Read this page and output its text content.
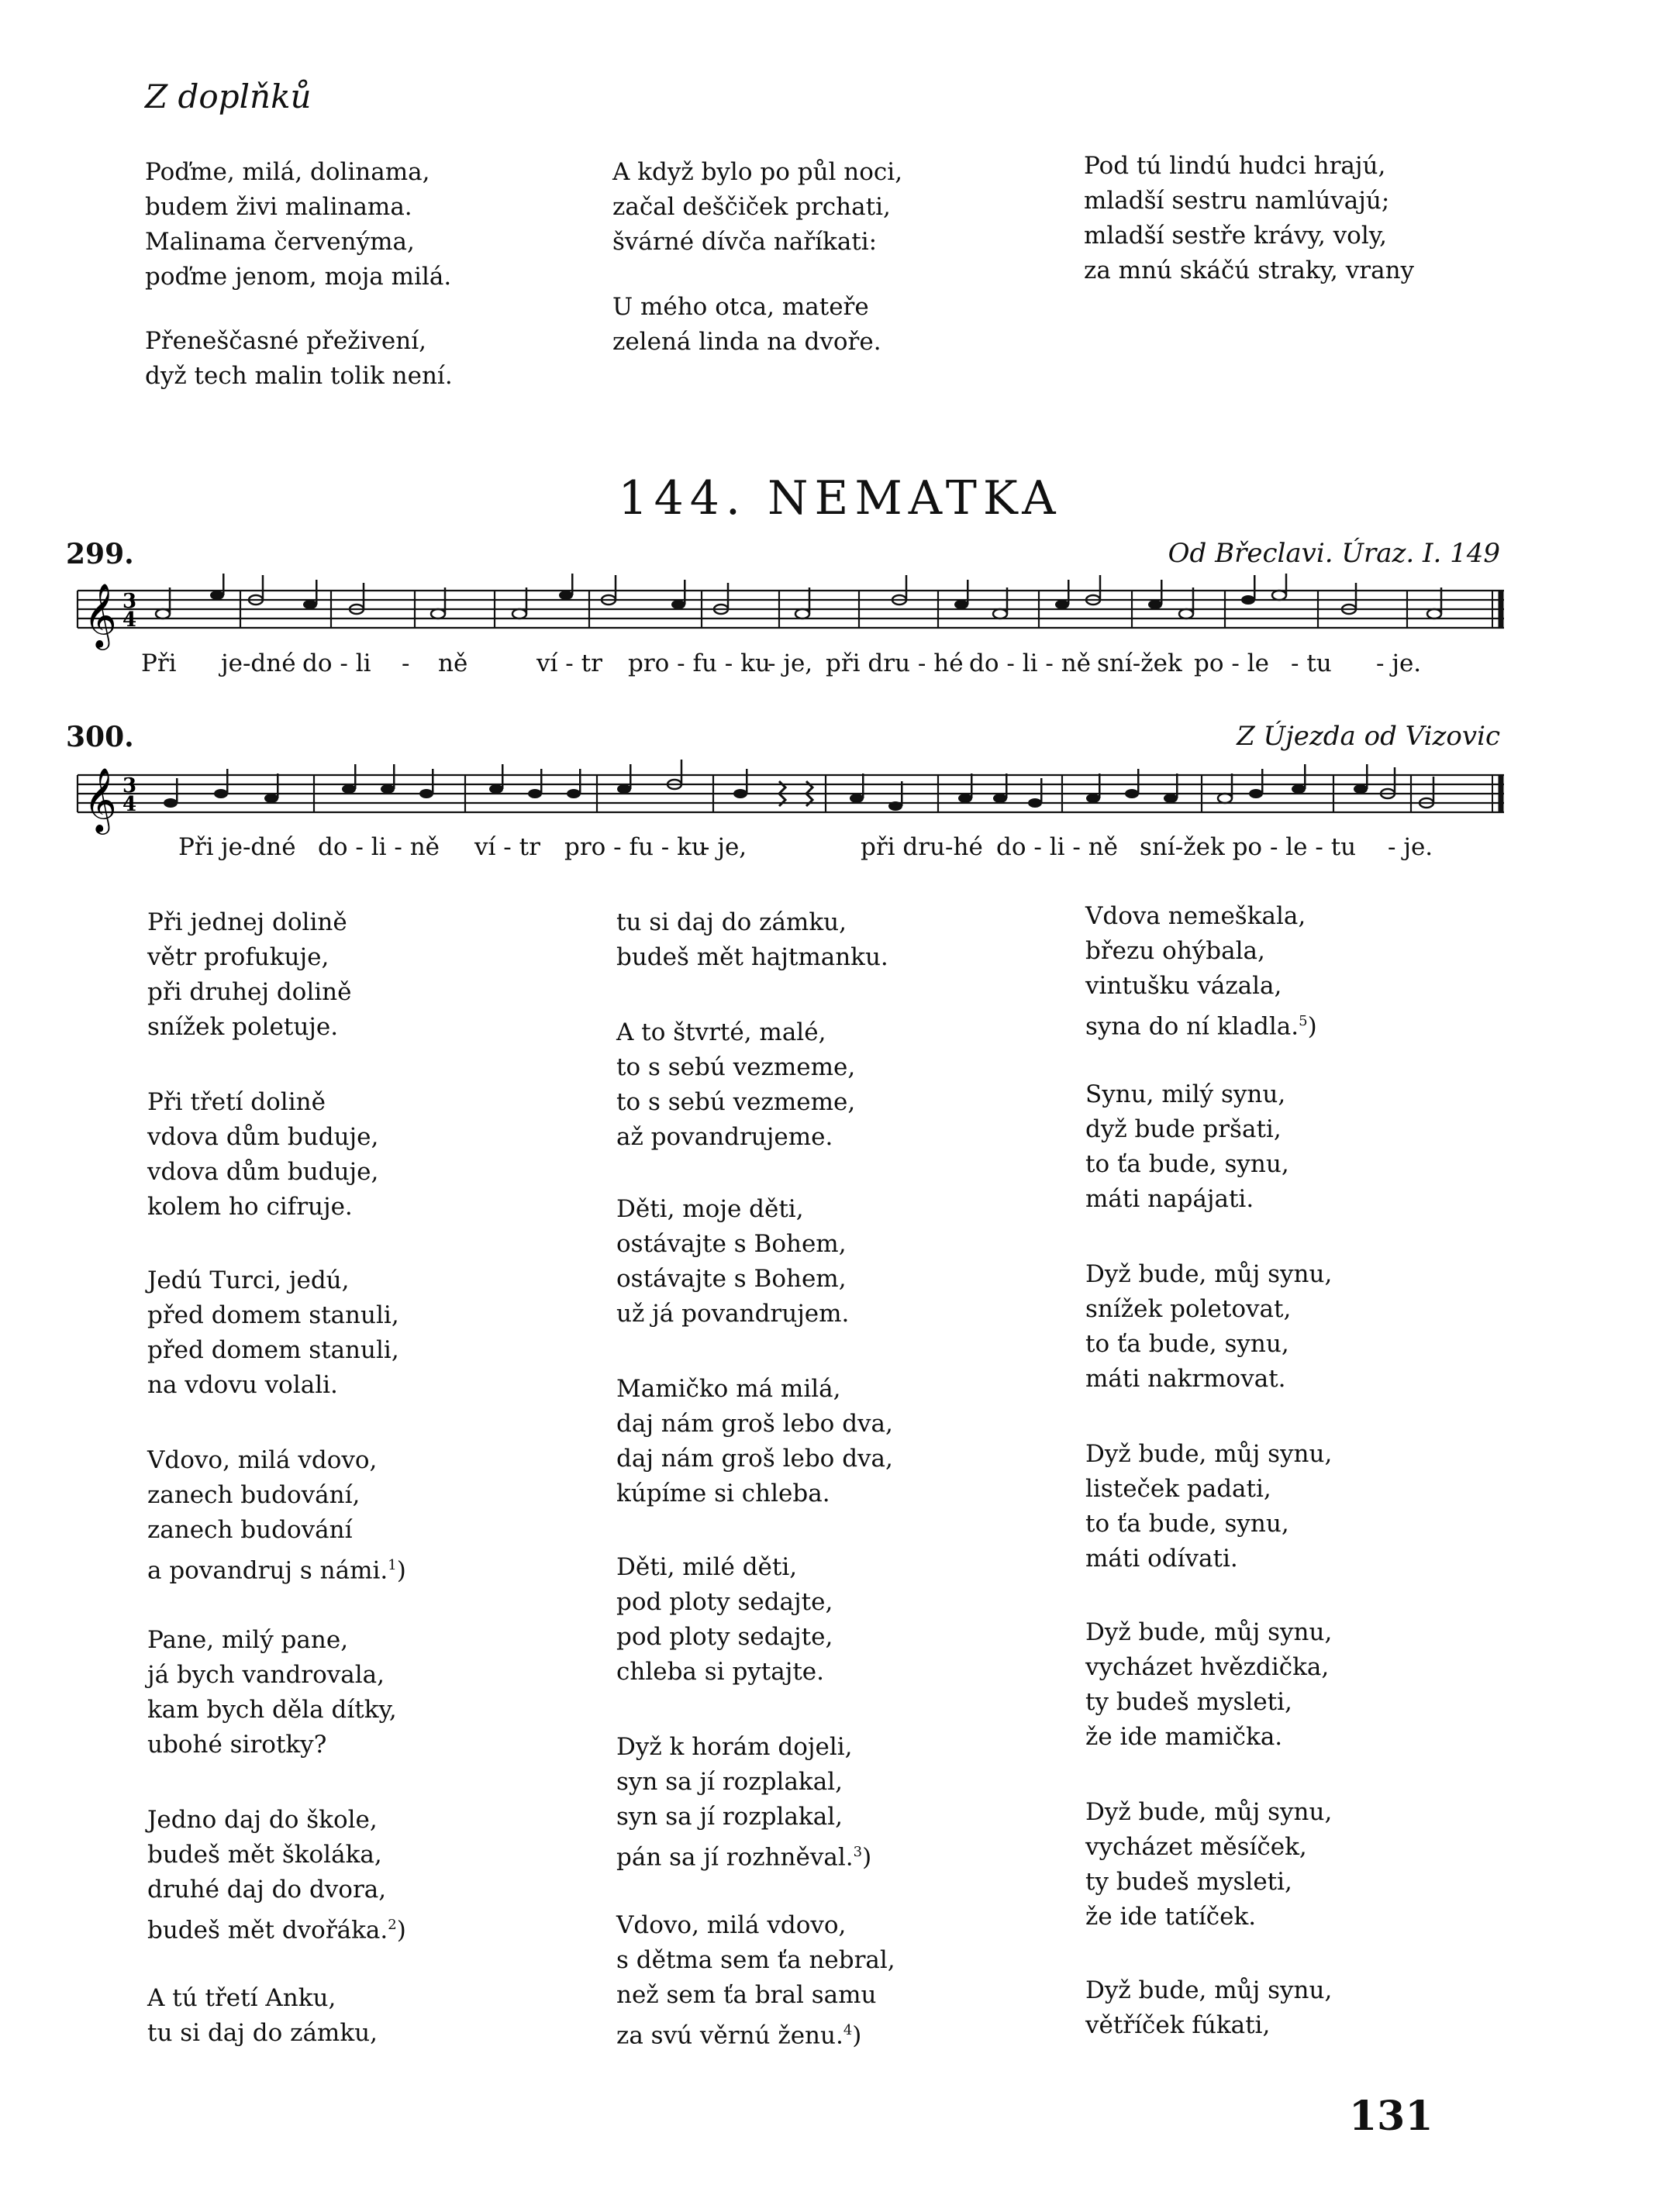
Z doplňků
Poďme, milá, dolinama,
budem živi malinama.
Malinama červenýma,
poďme jenom, moja milá.
Přeneščasné přeživení,
dyž tech malin tolik není.
A když bylo po půl noci,
začal deščiček prchati,
švárné dívča naříkati:
U mého otca, mateře
zelená linda na dvoře.
Pod tú lindú hudci hrajú,
mladší sestru namlúvajú;
mladší sestře krávy, voly,
za mnú skáčú straky, vrany
144. NEMATKA
299.	Od Břeclavi. Úraz. I. 149
𝄞 3
4
Při je-dné do - li - ně	ví - tr pro - fu - ku
- je, při dru - hé do - li - ně sní-žek po - le - tu - je.
300.	Z Újezda od Vizovic
𝄞 3
4
Při je-dné do - li - ně ví - tr pro - fu - ku
- je,	při dru-hé do - li - ně sní-žek po - le - tu - je.
Při jednej dolině
větr profukuje,
při druhej dolině
snížek poletuje.
Při třetí dolině
vdova dům buduje,
vdova dům buduje,
kolem ho cifruje.
Jedú Turci, jedú,
před domem stanuli,
před domem stanuli,
na vdovu volali.
Vdovo, milá vdovo,
zanech budování,
zanech budování
a povandruj s námi.$^1$)
Pane, milý pane,
já bych vandrovala,
kam bych děla dítky,
ubohé sirotky?
Jedno daj do škole,
budeš mět školáka,
druhé daj do dvora,
budeš mět dvořáka.$^2$)
A tú třetí Anku,
tu si daj do zámku,
tu si daj do zámku,
budeš mět hajtmanku.
A to štvrté, malé,
to s sebú vezmeme,
to s sebú vezmeme,
až povandrujeme.
Děti, moje děti,
ostávajte s Bohem,
ostávajte s Bohem,
už já povandrujem.
Mamičko má milá,
daj nám groš lebo dva,
daj nám groš lebo dva,
kúpíme si chleba.
Děti, milé děti,
pod ploty sedajte,
pod ploty sedajte,
chleba si pytajte.
Dyž k horám dojeli,
syn sa jí rozplakal,
syn sa jí rozplakal,
pán sa jí rozhněval.$^3$)
Vdovo, milá vdovo,
s dětma sem ťa nebral,
než sem ťa bral samu
za svú věrnú ženu.$^4$)
Vdova nemeškala,
březu ohýbala,
vintušku vázala,
syna do ní kladla.$^5$)
Synu, milý synu,
dyž bude pršati,
to ťa bude, synu,
máti napájati.
Dyž bude, můj synu,
snížek poletovat,
to ťa bude, synu,
máti nakrmovat.
Dyž bude, můj synu,
listeček padati,
to ťa bude, synu,
máti odívati.
Dyž bude, můj synu,
vycházet hvězdička,
ty budeš mysleti,
že ide mamička.
Dyž bude, můj synu,
vycházet měsíček,
ty budeš mysleti,
že ide tatíček.
Dyž bude, můj synu,
větříček fúkati,
131
